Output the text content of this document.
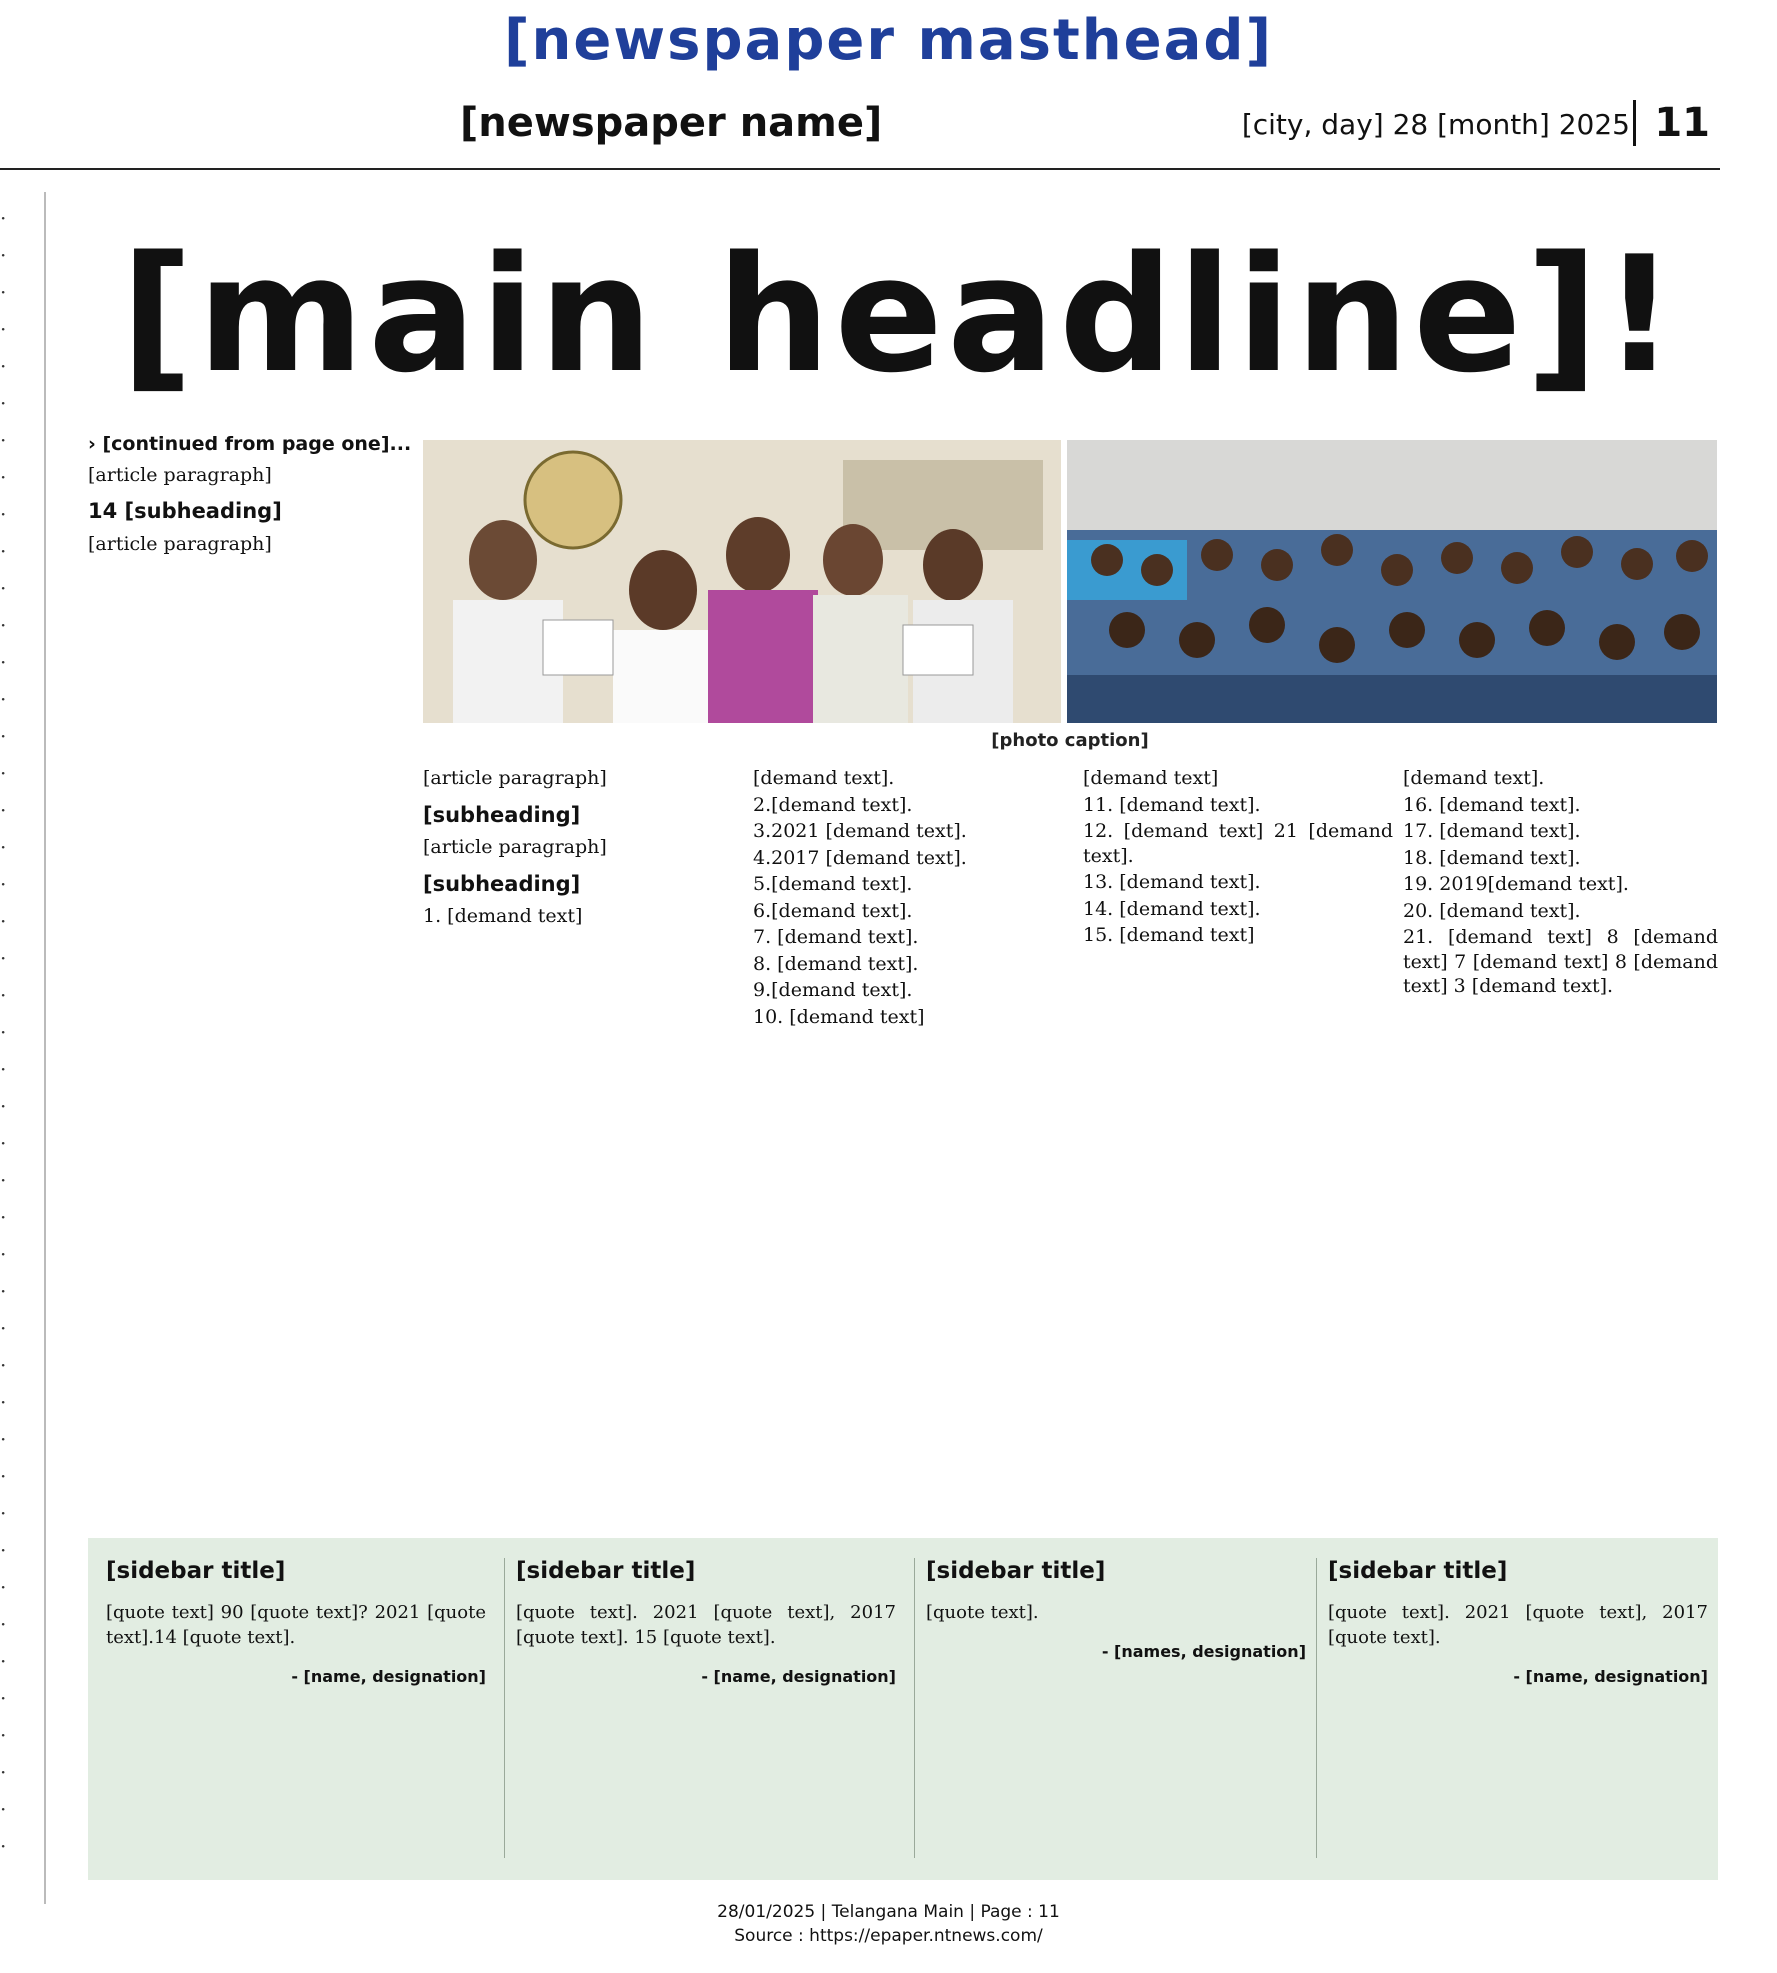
[newspaper masthead]
[newspaper name]	[city, day] 28 [month] 2025 11
·
·
·
·
·
·
·
·
·
·
·
·
·
·
·
·
·
·
·
·
·
·
·
·
·
·
·
·
·
·
·
·
·
·
·
·
·
·
·
·
·
·
·
·
·
[main headline]!
[photo caption]
› [continued from page one]...

[article paragraph]

14 [subheading]

[article paragraph]

[article paragraph]

[subheading]

[article paragraph]

[subheading]

1. [demand text]

[demand text].

2.[demand text].

3.2021 [demand text].

4.2017 [demand text].

5.[demand text].

6.[demand text].

7. [demand text].

8. [demand text].

9.[demand text].

10. [demand text]

[demand text]

11. [demand text].

12. [demand text] 21 [demand text].

13. [demand text].

14. [demand text].

15. [demand text]

[demand text].

16. [demand text].

17. [demand text].

18. [demand text].

19. 2019[demand text].

20. [demand text].

21. [demand text] 8 [demand text] 7 [demand text] 8 [demand text] 3 [demand text].

[sidebar title]

[quote text] 90 [quote text]? 2021 [quote text].14 [quote text].

- [name, designation]

[sidebar title]

[quote text]. 2021 [quote text], 2017 [quote text]. 15 [quote text].

- [name, designation]

[sidebar title]

[quote text].

- [names, designation]

[sidebar title]

[quote text]. 2021 [quote text], 2017 [quote text].

- [name, designation]

28/01/2025 | Telangana Main | Page : 11
Source : https://epaper.ntnews.com/
